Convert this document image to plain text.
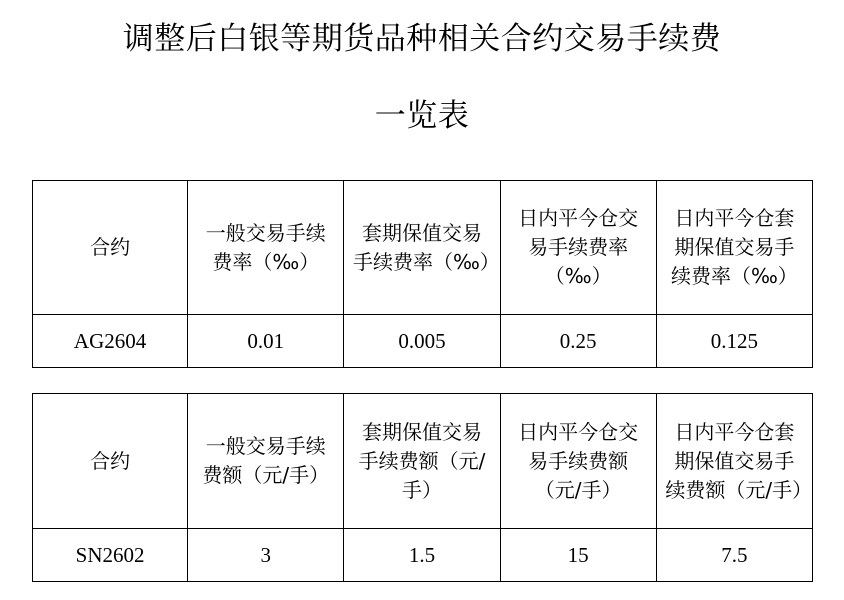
调整后白银等期货品种相关合约交易手续费
一览表
合约	一般交易手续费率（‰）	套期保值交易手续费率（‰）	日内平今仓交易手续费率（‰）	日内平今仓套期保值交易手续费率（‰）
AG2604	0.01	0.005	0.25	0.125
合约	一般交易手续费额（元/手）	套期保值交易手续费额（元/手）	日内平今仓交易手续费额（元/手）	日内平今仓套期保值交易手续费额（元/手）
SN2602	3	1.5	15	7.5
